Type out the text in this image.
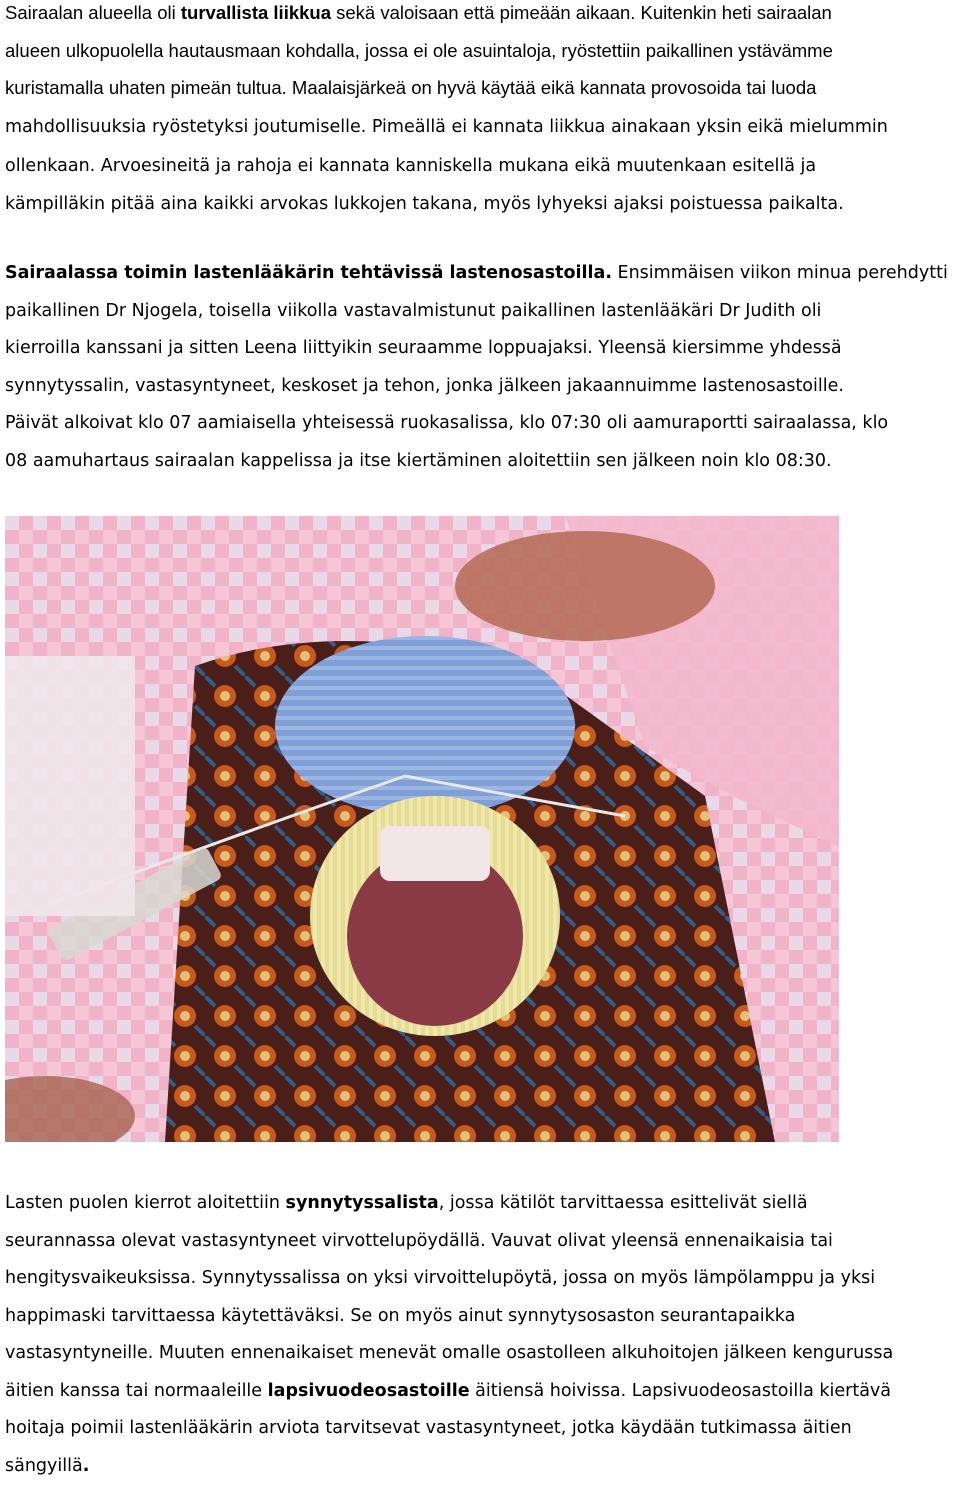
Sairaalan alueella oli turvallista liikkua sekä valoisaan että pimeään aikaan. Kuitenkin heti sairaalan
alueen ulkopuolella hautausmaan kohdalla, jossa ei ole asuintaloja, ryöstettiin paikallinen ystävämme
kuristamalla uhaten pimeän tultua. Maalaisjärkeä on hyvä käytää eikä kannata provosoida tai luoda
mahdollisuuksia ryöstetyksi joutumiselle. Pimeällä ei kannata liikkua ainakaan yksin eikä mielummin
ollenkaan. Arvoesineitä ja rahoja ei kannata kanniskella mukana eikä muutenkaan esitellä ja
kämpilläkin pitää aina kaikki arvokas lukkojen takana, myös lyhyeksi ajaksi poistuessa paikalta.
Sairaalassa toimin lastenlääkärin tehtävissä lastenosastoilla. Ensimmäisen viikon minua perehdytti
paikallinen Dr Njogela, toisella viikolla vastavalmistunut paikallinen lastenlääkäri Dr Judith oli
kierroilla kanssani ja sitten Leena liittyikin seuraamme loppuajaksi. Yleensä kiersimme yhdessä
synnytyssalin, vastasyntyneet, keskoset ja tehon, jonka jälkeen jakaannuimme lastenosastoille.
Päivät alkoivat klo 07 aamiaisella yhteisessä ruokasalissa, klo 07:30 oli aamuraportti sairaalassa, klo
08 aamuhartaus sairaalan kappelissa ja itse kiertäminen aloitettiin sen jälkeen noin klo 08:30.
Lasten puolen kierrot aloitettiin synnytyssalista, jossa kätilöt tarvittaessa esittelivät siellä
seurannassa olevat vastasyntyneet virvottelupöydällä. Vauvat olivat yleensä ennenaikaisia tai
hengitysvaikeuksissa. Synnytyssalissa on yksi virvoittelupöytä, jossa on myös lämpölamppu ja yksi
happimaski tarvittaessa käytettäväksi. Se on myös ainut synnytysosaston seurantapaikka
vastasyntyneille. Muuten ennenaikaiset menevät omalle osastolleen alkuhoitojen jälkeen kengurussa
äitien kanssa tai normaaleille lapsivuodeosastoille äitiensä hoivissa. Lapsivuodeosastoilla kiertävä
hoitaja poimii lastenlääkärin arviota tarvitsevat vastasyntyneet, jotka käydään tutkimassa äitien
sängyillä.
